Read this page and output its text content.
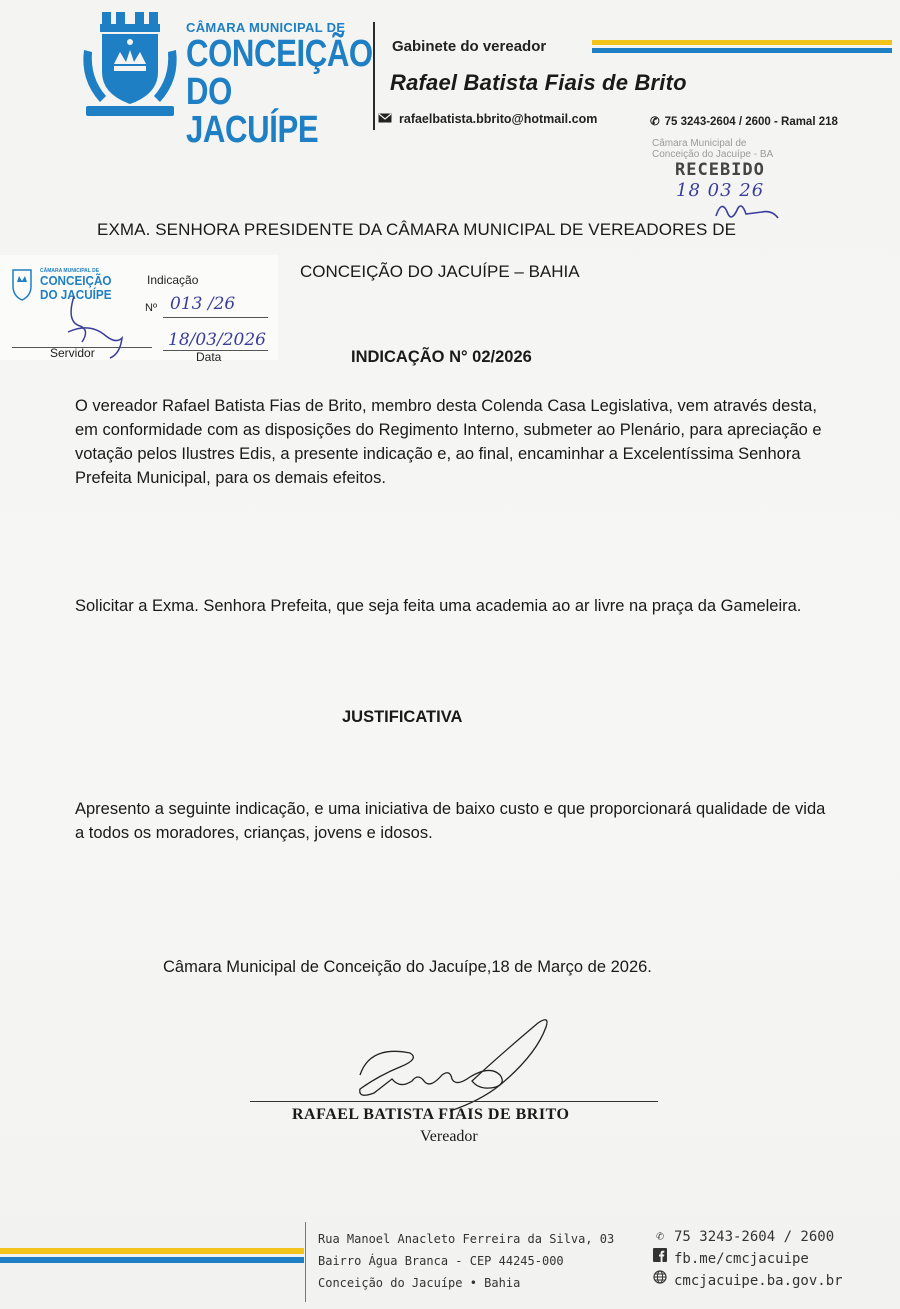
CÂMARA MUNICIPAL DE
CONCEIÇÃO
DO JACUÍPE
Gabinete do vereador
Rafael Batista Fiais de Brito
rafaelbatista.bbrito@hotmail.com	✆ 75 3243-2604 / 2600 - Ramal 218
Câmara Municipal de
Conceição do Jacuípe - BA
RECEBIDO
18 03 26
EXMA. SENHORA PRESIDENTE DA CÂMARA MUNICIPAL DE VEREADORES DE
CONCEIÇÃO DO JACUÍPE – BAHIA
CÂMARA MUNICIPAL DE
CONCEIÇÃO
DO JACUÍPE
Indicação
Nº 013 /26
18/03/2026
Servidor	Data	INDICAÇÃO N° 02/2026
O vereador Rafael Batista Fias de Brito, membro desta Colenda Casa Legislativa, vem através desta, em conformidade com as disposições do Regimento Interno, submeter ao Plenário, para apreciação e votação pelos Ilustres Edis, a presente indicação e, ao final, encaminhar a Excelentíssima Senhora Prefeita Municipal, para os demais efeitos.
Solicitar a Exma. Senhora Prefeita, que seja feita uma academia ao ar livre na praça da Gameleira.
JUSTIFICATIVA
Apresento a seguinte indicação, e uma iniciativa de baixo custo e que proporcionará qualidade de vida a todos os moradores, crianças, jovens e idosos.
Câmara Municipal de Conceição do Jacuípe,18 de Março de 2026.
RAFAEL BATISTA FIAIS DE BRITO
Vereador
Rua Manoel Anacleto Ferreira da Silva, 03
Bairro Água Branca - CEP 44245-000
Conceição do Jacuípe • Bahia
✆ 75 3243-2604 / 2600
fb.me/cmcjacuipe
cmcjacuipe.ba.gov.br
